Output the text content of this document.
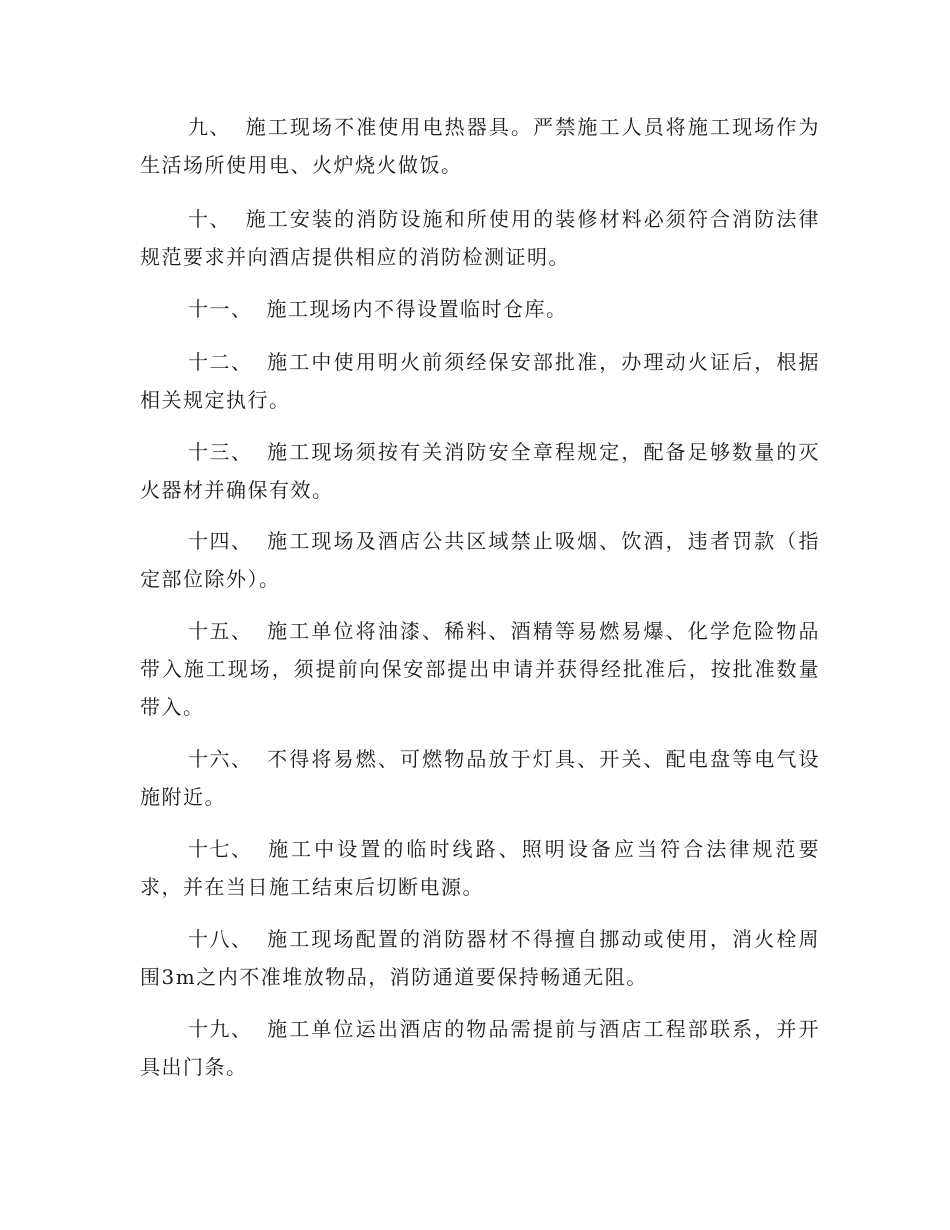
九、 施工现场不准使用电热器具。严禁施工人员将施工现场作为生活场所使用电、火炉烧火做饭。

十、 施工安装的消防设施和所使用的装修材料必须符合消防法律规范要求并向酒店提供相应的消防检测证明。

十一、 施工现场内不得设置临时仓库。

十二、 施工中使用明火前须经保安部批准，办理动火证后，根据相关规定执行。

十三、 施工现场须按有关消防安全章程规定，配备足够数量的灭火器材并确保有效。

十四、 施工现场及酒店公共区域禁止吸烟、饮酒，违者罚款（指定部位除外）。

十五、 施工单位将油漆、稀料、酒精等易燃易爆、化学危险物品带入施工现场，须提前向保安部提出申请并获得经批准后，按批准数量带入。

十六、 不得将易燃、可燃物品放于灯具、开关、配电盘等电气设施附近。

十七、 施工中设置的临时线路、照明设备应当符合法律规范要求，并在当日施工结束后切断电源。

十八、 施工现场配置的消防器材不得擅自挪动或使用，消火栓周围3m之内不准堆放物品，消防通道要保持畅通无阻。

十九、 施工单位运出酒店的物品需提前与酒店工程部联系，并开具出门条。
